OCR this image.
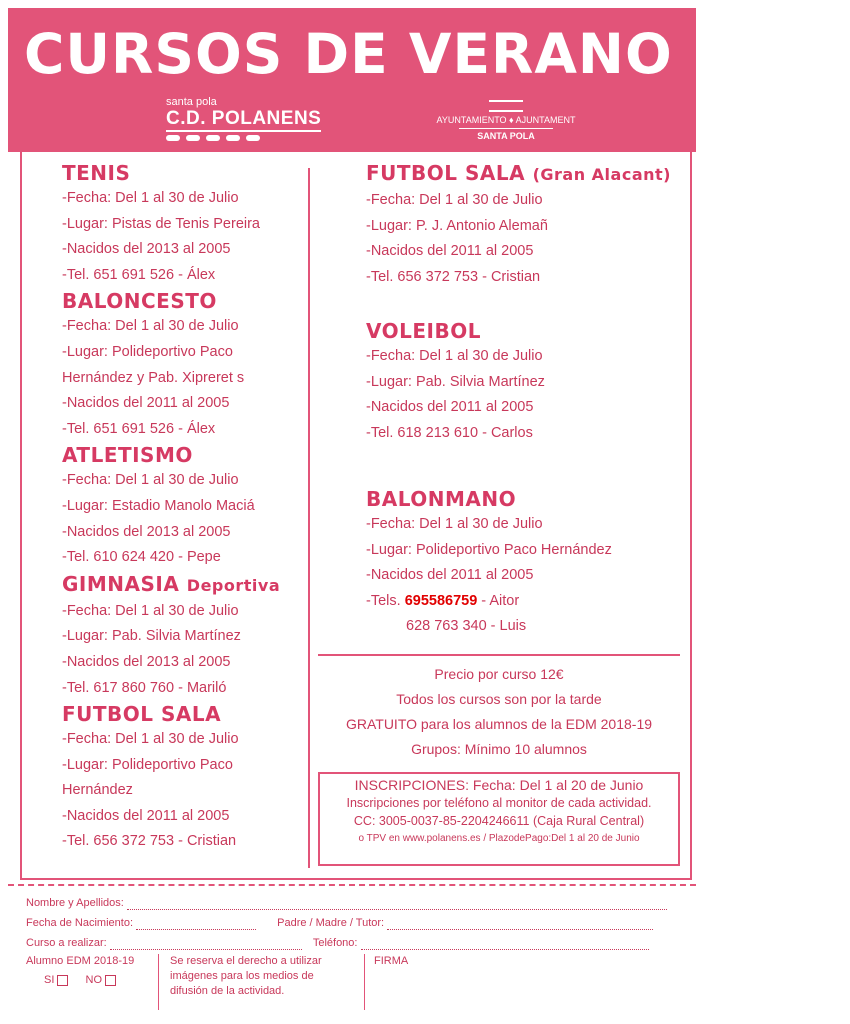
CURSOS DE VERANO 2019
santa pola
C.D. POLANENS	AYUNTAMIENTO ♦ AJUNTAMENT
SANTA POLA
TENIS
-Fecha: Del 1 al 30 de Julio
-Lugar: Pistas de Tenis Pereira
-Nacidos del 2013 al 2005
-Tel. 651 691 526 - Álex
BALONCESTO
-Fecha: Del 1 al 30 de Julio
-Lugar: Polideportivo Paco
Hernández y Pab. Xipreret s
-Nacidos del 2011 al 2005
-Tel. 651 691 526 - Álex
ATLETISMO
-Fecha: Del 1 al 30 de Julio
-Lugar: Estadio Manolo Maciá
-Nacidos del 2013 al 2005
-Tel. 610 624 420 - Pepe
GIMNASIA Deportiva
-Fecha: Del 1 al 30 de Julio
-Lugar: Pab. Silvia Martínez
-Nacidos del 2013 al 2005
-Tel. 617 860 760 - Mariló
FUTBOL SALA
-Fecha: Del 1 al 30 de Julio
-Lugar: Polideportivo Paco
Hernández
-Nacidos del 2011 al 2005
-Tel. 656 372 753 - Cristian
FUTBOL SALA (Gran Alacant)
-Fecha: Del 1 al 30 de Julio
-Lugar: P. J. Antonio Alemañ
-Nacidos del 2011 al 2005
-Tel. 656 372 753 - Cristian
VOLEIBOL
-Fecha: Del 1 al 30 de Julio
-Lugar: Pab. Silvia Martínez
-Nacidos del 2011 al 2005
-Tel. 618 213 610 - Carlos
BALONMANO
-Fecha: Del 1 al 30 de Julio
-Lugar: Polideportivo Paco Hernández
-Nacidos del 2011 al 2005
-Tels. 695586759 - Aitor
628 763 340 - Luis
Precio por curso 12€
Todos los cursos son por la tarde
GRATUITO para los alumnos de la EDM 2018-19
Grupos: Mínimo 10 alumnos
INSCRIPCIONES: Fecha: Del 1 al 20 de Junio
Inscripciones por teléfono al monitor de cada actividad.
CC: 3005-0037-85-2204246611 (Caja Rural Central)
o TPV en www.polanens.es / PlazodePago:Del 1 al 20 de Junio
Nombre y Apellidos:
Fecha de Nacimiento:	Padre / Madre / Tutor:
Curso a realizar:	Teléfono:
Alumno EDM 2018-19
SI	NO
Se reserva el derecho a utilizar
imágenes para los medios de
difusión de la actividad.
FIRMA
